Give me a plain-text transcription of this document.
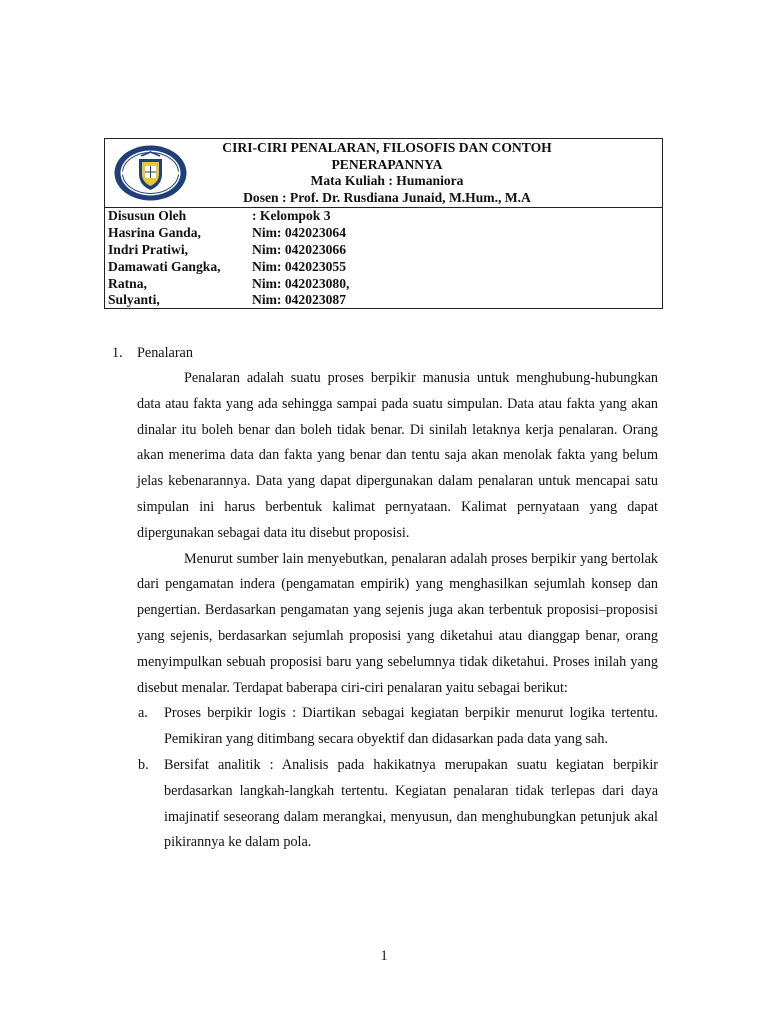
CIRI-CIRI PENALARAN, FILOSOFIS DAN CONTOH
PENERAPANNYA
Mata Kuliah : Humaniora
Dosen : Prof. Dr. Rusdiana Junaid, M.Hum., M.A
Disusun Oleh	: Kelompok 3
Hasrina Ganda,	Nim: 042023064
Indri Pratiwi,	Nim: 042023066
Damawati Gangka, Nim: 042023055
Ratna,	Nim: 042023080,
Sulyanti,	Nim: 042023087
1. Penalaran

Penalaran adalah suatu proses berpikir manusia untuk menghubung-hubungkan data atau fakta yang ada sehingga sampai pada suatu simpulan. Data atau fakta yang akan dinalar itu boleh benar dan boleh tidak benar. Di sinilah letaknya kerja penalaran. Orang akan menerima data dan fakta yang benar dan tentu saja akan menolak fakta yang belum jelas kebenarannya. Data yang dapat dipergunakan dalam penalaran untuk mencapai satu simpulan ini harus berbentuk kalimat pernyataan. Kalimat pernyataan yang dapat dipergunakan sebagai data itu disebut proposisi.

Menurut sumber lain menyebutkan, penalaran adalah proses berpikir yang bertolak dari pengamatan indera (pengamatan empirik) yang menghasilkan sejumlah konsep dan pengertian. Berdasarkan pengamatan yang sejenis juga akan terbentuk proposisi–proposisi yang sejenis, berdasarkan sejumlah proposisi yang diketahui atau dianggap benar, orang menyimpulkan sebuah proposisi baru yang sebelumnya tidak diketahui. Proses inilah yang disebut menalar. Terdapat baberapa ciri-ciri penalaran yaitu sebagai berikut:

a. Proses berpikir logis : Diartikan sebagai kegiatan berpikir menurut logika tertentu. Pemikiran yang ditimbang secara obyektif dan didasarkan pada data yang sah.
b. Bersifat analitik : Analisis pada hakikatnya merupakan suatu kegiatan berpikir berdasarkan langkah-langkah tertentu. Kegiatan penalaran tidak terlepas dari daya imajinatif seseorang dalam merangkai, menyusun, dan menghubungkan petunjuk akal pikirannya ke dalam pola.
1
